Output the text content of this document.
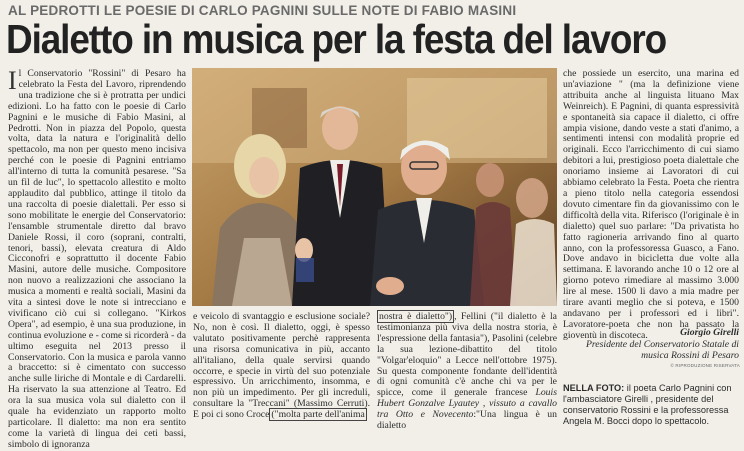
AL PEDROTTI LE POESIE DI CARLO PAGNINI SULLE NOTE DI FABIO MASINI
Dialetto in musica per la festa del lavoro

Il Conservatorio "Rossini" di Pesaro ha celebrato la Festa del Lavoro, riprendendo una tradizione che si è protratta per undici edizioni. Lo ha fatto con le poesie di Carlo Pagnini e le musiche di Fabio Masini, al Pedrotti. Non in piazza del Popolo, questa volta, data la natura e l'originalità dello spettacolo, ma non per questo meno incisiva perché con le poesie di Pagnini entriamo all'interno di tutta la comunità pesarese. "Sa un fil de luc", lo spettacolo allestito e molto applaudito dal pubblico, attinge il titolo da una raccolta di poesie dialettali. Per esso si sono mobilitate le energie del Conservatorio: l'ensamble strumentale diretto dal bravo Daniele Rossi, il coro (soprani, contralti, tenori, bassi), elevata creatura di Aldo Cicconofri e soprattutto il docente Fabio Masini, autore delle musiche. Compositore non nuovo a realizzazioni che associano la musica a momenti e realtà sociali, Masini da vita a sintesi dove le note si intrecciano e vivificano ciò cui si collegano. "Kirkos Opera", ad esempio, è una sua produzione, in continua evoluzione e - come si ricorderà - da ultimo eseguita nel 2013 presso il Conservatorio. Con la musica e parola vanno a braccetto: si è cimentato con successo anche sulle liriche di Montale e di Cardarelli. Ha riservato la sua attenzione al Teatro. Ed ora la sua musica vola sul dialetto con il quale ha evidenziato un rapporto molto particolare. Il dialetto: ma non era sentito come la varietà di lingua dei ceti bassi, simbolo di ignoranza

e veicolo di svantaggio e esclusione sociale? No, non è così. Il dialetto, oggi, è spesso valutato positivamente perchè rappresenta una risorsa comunicativa in più, accanto all'italiano, della quale servirsi quando occorre, e specie in virtù del suo potenziale espressivo. Un arricchimento, insomma, e non più un impedimento. Per gli increduli, consultare la "Treccani" (Massimo Cerruti). E poi ci sono Croce ("molta parte dell'anima

nostra è dialetto") , Fellini ("il dialetto è la testimonianza più viva della nostra storia, è l'espressione della fantasia"), Pasolini (celebre la sua lezione-dibattito del titolo "Volgar'eloquio" a Lecce nell'ottobre 1975). Su questa componente fondante dell'identità di ogni comunità c'è anche chi va per le spicce, come il generale francese Louis Hubert Gonzalve Lyautey , vissuto a cavallo tra Otto e Novecento:"Una lingua è un dialetto

che possiede un esercito, una marina ed un'aviazione " (ma la definizione viene attribuita anche al linguista lituano Max Weinreich). E Pagnini, di quanta espressività e spontaneità sia capace il dialetto, ci offre ampia visione, dando veste a stati d'animo, a sentimenti intensi con modalità proprie ed originali. Ecco l'arricchimento di cui siamo debitori a lui, prestigioso poeta dialettale che onoriamo insieme ai Lavoratori di cui abbiamo celebrato la Festa. Poeta che rientra a pieno titolo nella categoria essendosi dovuto cimentare fin da giovanissimo con le difficoltà della vita. Riferisco (l'originale è in dialetto) quel suo parlare: "Da privatista ho fatto ragioneria arrivando fino al quarto anno, con la professoressa Guasco, a Fano. Dove andavo in bicicletta due volte alla settimana. E lavorando anche 10 o 12 ore al giorno potevo rimediare al massimo 3.000 lire al mese. 1500 li davo a mia madre per tirare avanti meglio che si poteva, e 1500 andavano per i professori ed i libri". Lavoratore-poeta che non ha passato la gioventù in discoteca.	Giorgio Girelli
Presidente del Conservatorio Statale di musica Rossini di Pesaro
© RIPRODUZIONE RISERVATA
NELLA FOTO: il poeta Carlo Pagnini con l'ambasciatore Girelli , presidente del conservatorio Rossini e la professoressa Angela M. Bocci dopo lo spettacolo.
